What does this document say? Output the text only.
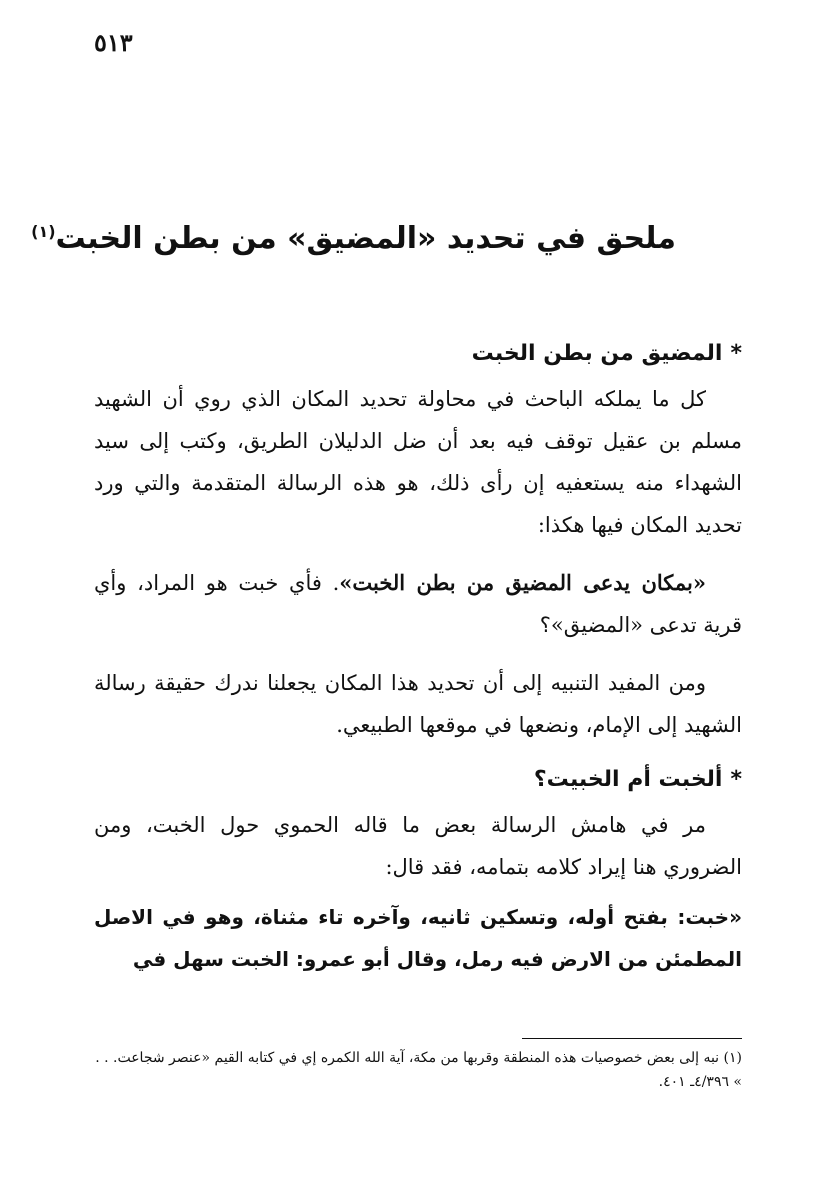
٥١٣
ملحق في تحديد «المضيق» من بطن الخبت$^{(١)}$
*المضيق من بطن الخبت

كل ما يملكه الباحث في محاولة تحديد المكان الذي روي أن الشهيد مسلم بن عقيل توقف فيه بعد أن ضل الدليلان الطريق، وكتب إلى سيد الشهداء منه يستعفيه إن رأى ذلك، هو هذه الرسالة المتقدمة والتي ورد تحديد المكان فيها هكذا:

«بمكان يدعى المضيق من بطن الخبت». فأي خبت هو المراد، وأي قرية تدعى «المضيق»؟

ومن المفيد التنبيه إلى أن تحديد هذا المكان يجعلنا ندرك حقيقة رسالة الشهيد إلى الإمام، ونضعها في موقعها الطبيعي.

*ألخبت أم الخبيت؟

مر في هامش الرسالة بعض ما قاله الحموي حول الخبت، ومن الضروري هنا إيراد كلامه بتمامه، فقد قال:

«خبت: بفتح أوله، وتسكين ثانيه، وآخره تاء مثناة، وهو في الاصل المطمئن من الارض فيه رمل، وقال أبو عمرو: الخبت سهل في

(١) نبه إلى بعض خصوصيات هذه المنطقة وقربها من مكة، آية الله الكمره إي في كتابه القيم «عنصر شجاعت. . . » ٤/٣٩٦ـ ٤٠١.
